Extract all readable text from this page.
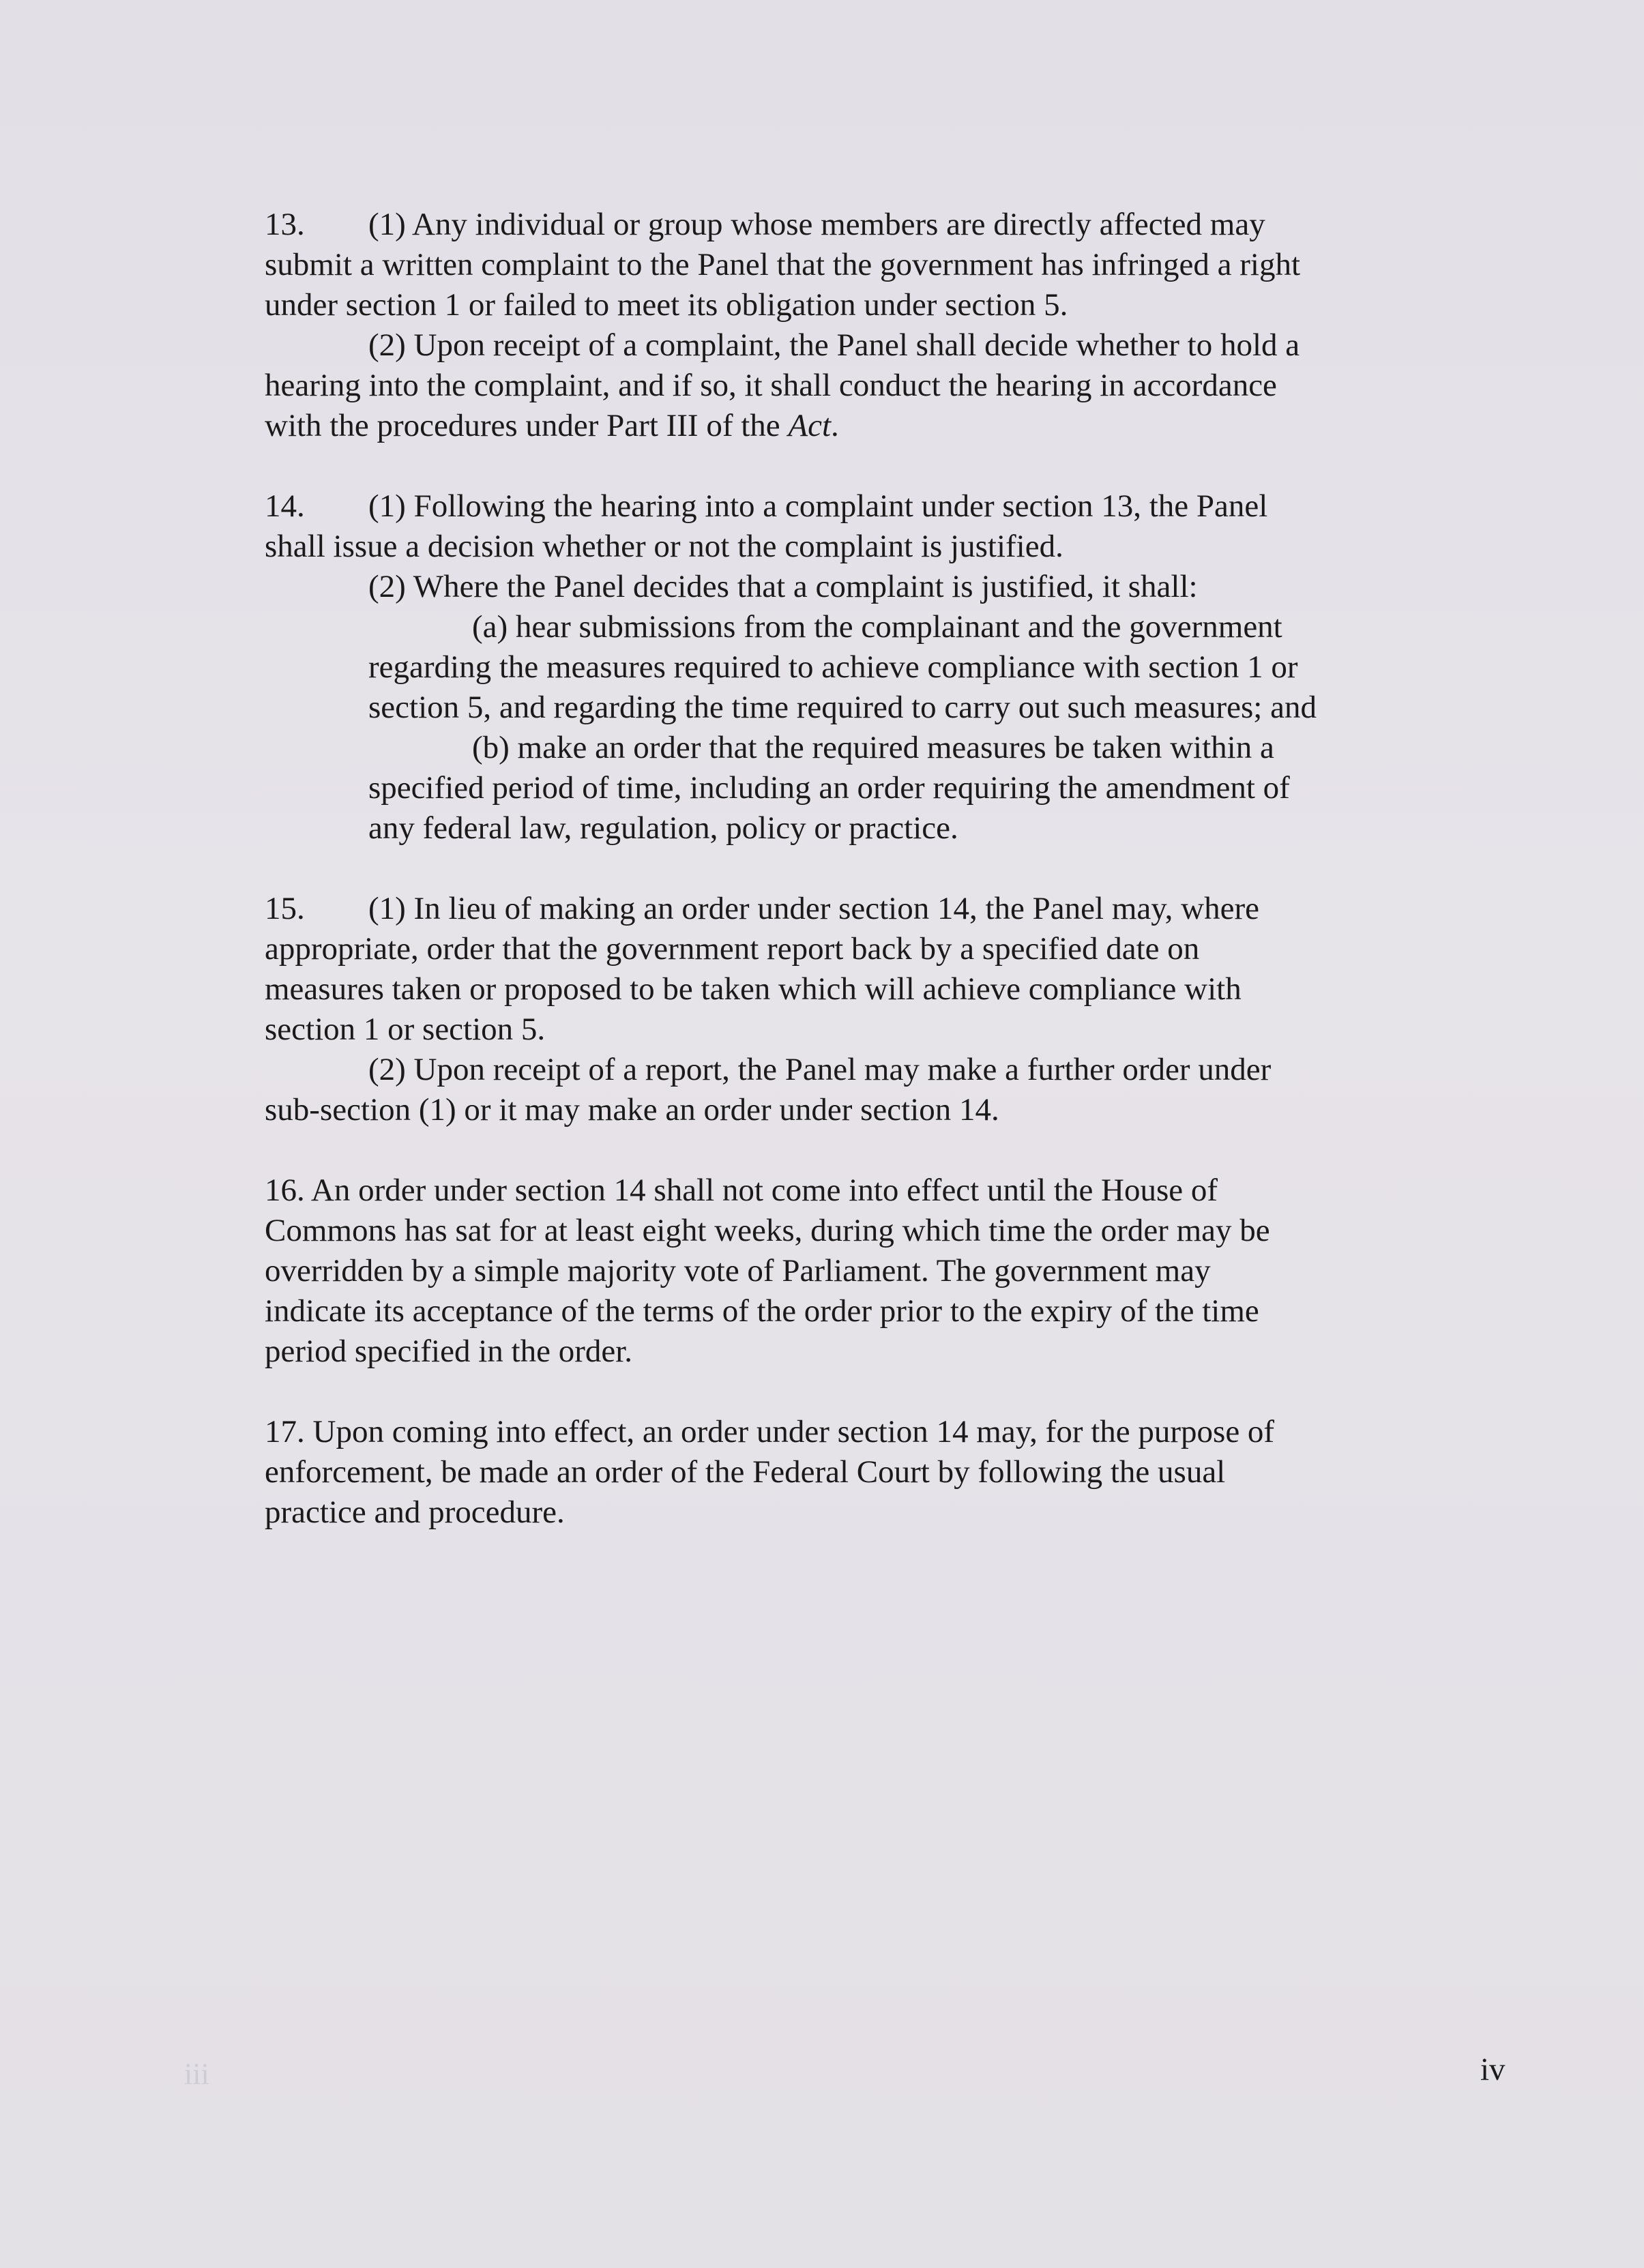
13. (1) Any individual or group whose members are directly affected may
submit a written complaint to the Panel that the government has infringed a right
under section 1 or failed to meet its obligation under section 5.
(2) Upon receipt of a complaint, the Panel shall decide whether to hold a
hearing into the complaint, and if so, it shall conduct the hearing in accordance
with the procedures under Part III of the Act.
14. (1) Following the hearing into a complaint under section 13, the Panel
shall issue a decision whether or not the complaint is justified.
(2) Where the Panel decides that a complaint is justified, it shall:
(a) hear submissions from the complainant and the government
regarding the measures required to achieve compliance with section 1 or
section 5, and regarding the time required to carry out such measures; and
(b) make an order that the required measures be taken within a
specified period of time, including an order requiring the amendment of
any federal law, regulation, policy or practice.
15. (1) In lieu of making an order under section 14, the Panel may, where
appropriate, order that the government report back by a specified date on
measures taken or proposed to be taken which will achieve compliance with
section 1 or section 5.
(2) Upon receipt of a report, the Panel may make a further order under
sub-section (1) or it may make an order under section 14.
16. An order under section 14 shall not come into effect until the House of
Commons has sat for at least eight weeks, during which time the order may be
overridden by a simple majority vote of Parliament. The government may
indicate its acceptance of the terms of the order prior to the expiry of the time
period specified in the order.
17. Upon coming into effect, an order under section 14 may, for the purpose of
enforcement, be made an order of the Federal Court by following the usual
practice and procedure.
iii	iv
